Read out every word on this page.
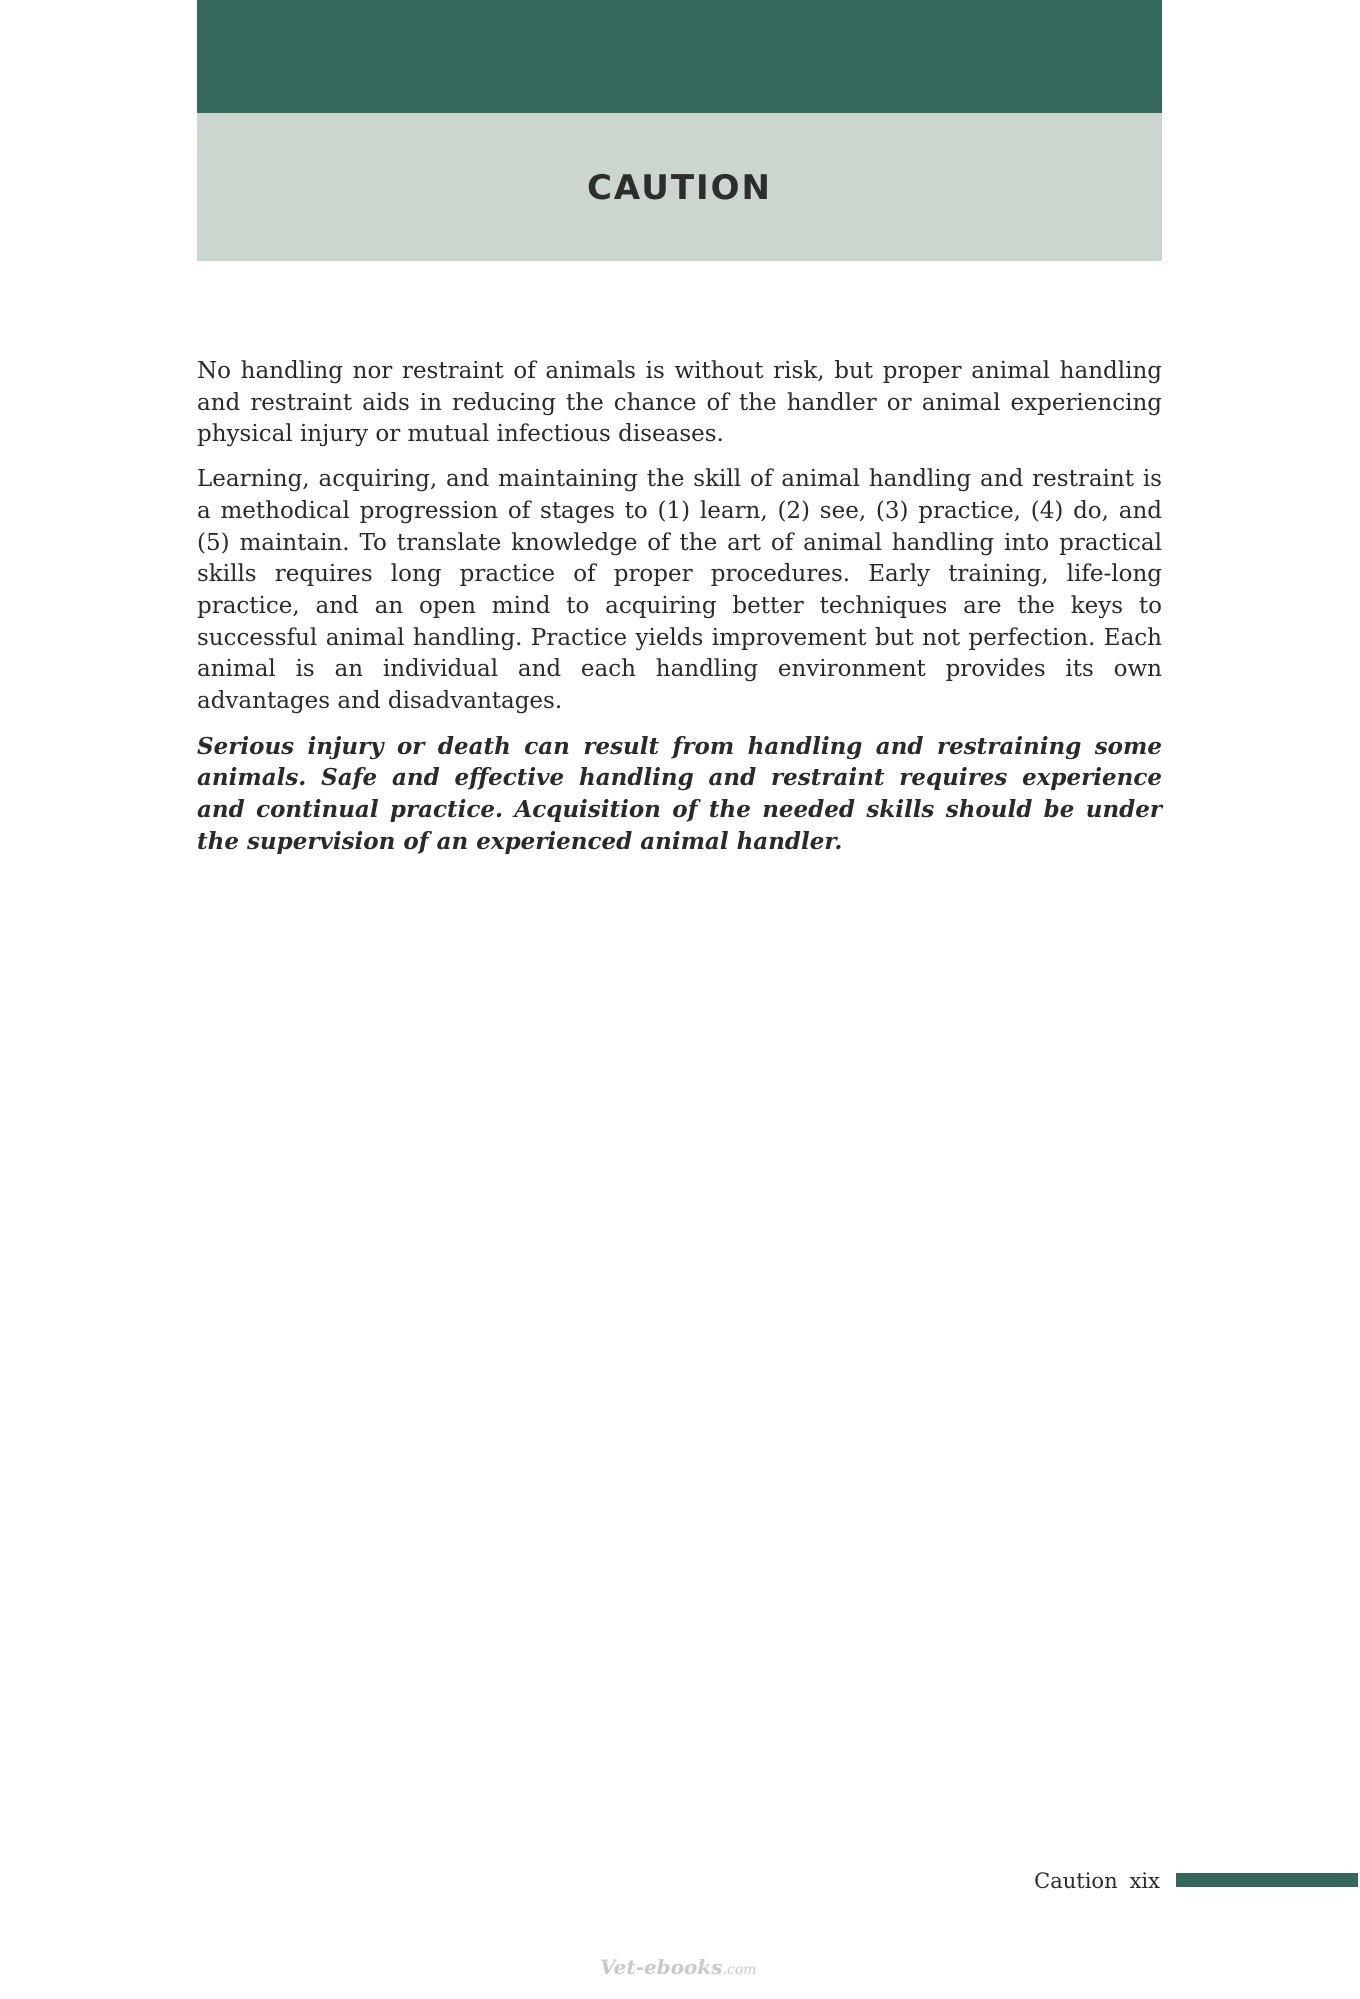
CAUTION

No handling nor restraint of animals is without risk, but proper animal handling and restraint aids in reducing the chance of the handler or animal experiencing physical injury or mutual infectious diseases.

Learning, acquiring, and maintaining the skill of animal handling and restraint is a methodical progression of stages to (1) learn, (2) see, (3) practice, (4) do, and (5) maintain. To translate knowledge of the art of animal handling into practical skills requires long practice of proper procedures. Early training, life-long practice, and an open mind to acquiring better techniques are the keys to successful animal handling. Practice yields improvement but not perfection. Each animal is an individual and each handling environment provides its own advantages and disadvantages.

Serious injury or death can result from handling and restraining some animals. Safe and effective handling and restraint requires experience and continual practice. Acquisition of the needed skills should be under the supervision of an experienced animal handler.

Caution xix
Vet-ebooks.com
